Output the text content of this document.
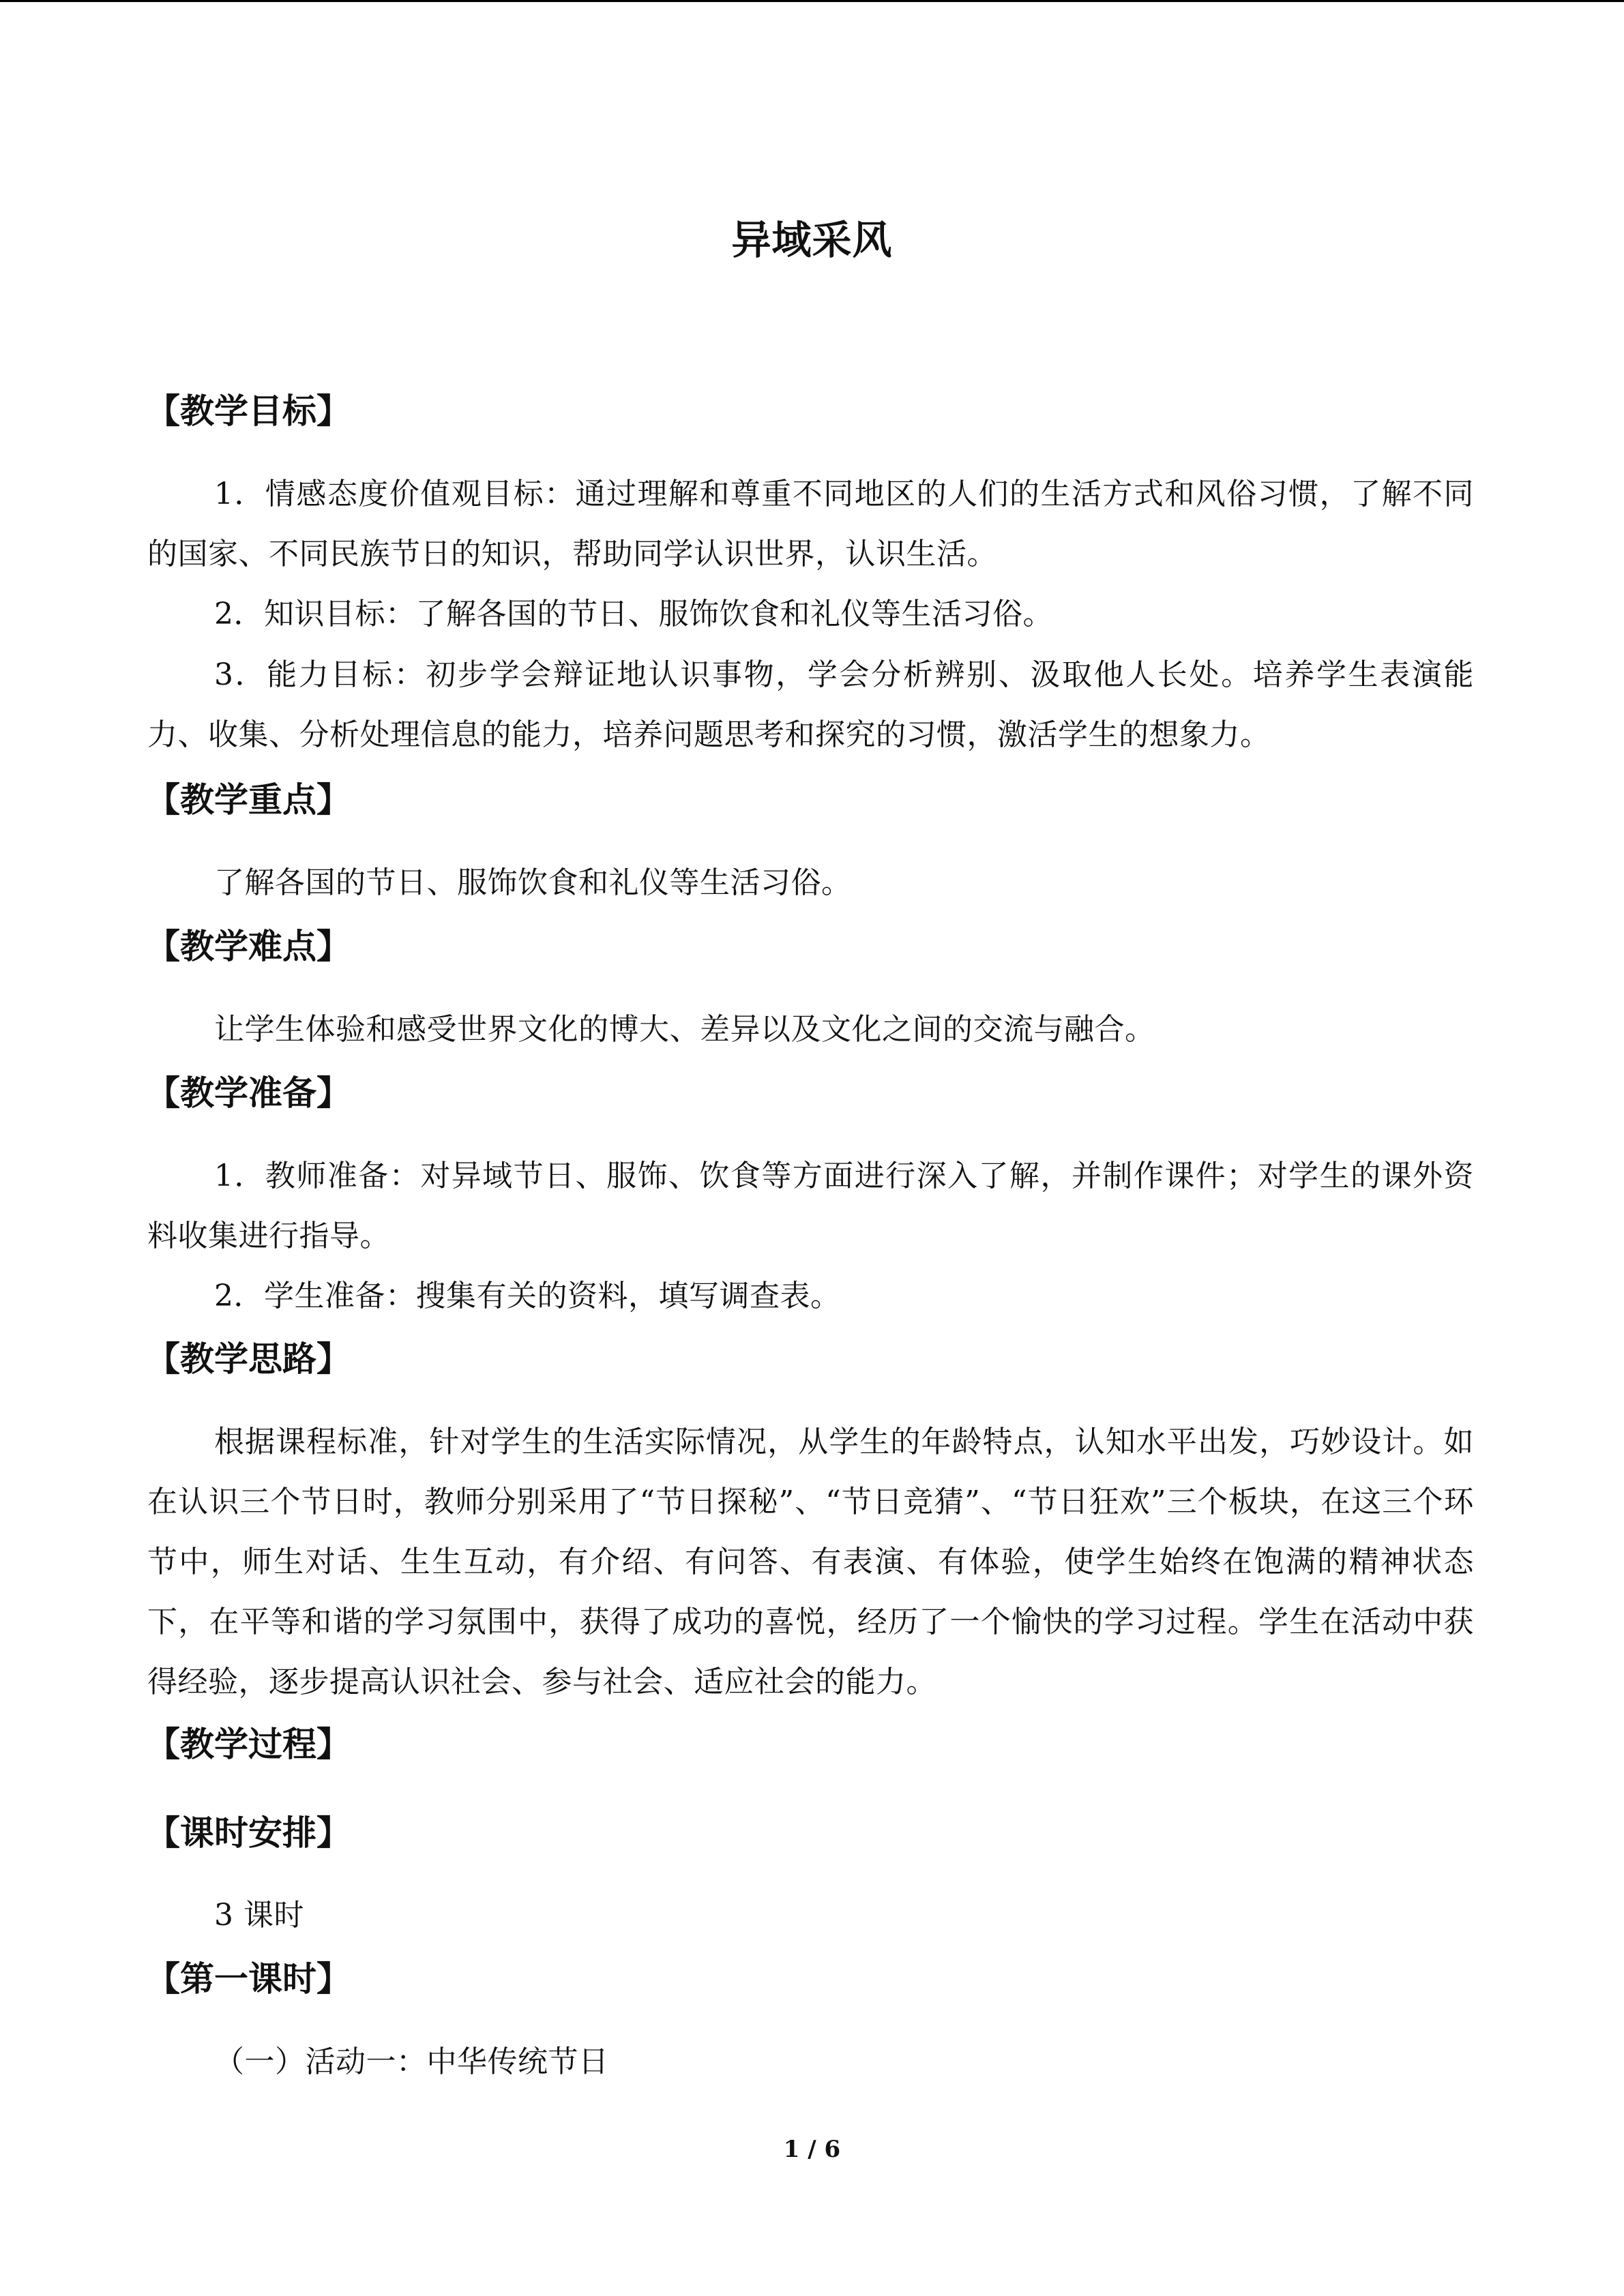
异域采风
【教学目标】
1．情感态度价值观目标：通过理解和尊重不同地区的人们的生活方式和风俗习惯，了解不同的国家、不同民族节日的知识，帮助同学认识世界，认识生活。
2．知识目标：了解各国的节日、服饰饮食和礼仪等生活习俗。
3．能力目标：初步学会辩证地认识事物，学会分析辨别、汲取他人长处。培养学生表演能力、收集、分析处理信息的能力，培养问题思考和探究的习惯，激活学生的想象力。
【教学重点】
了解各国的节日、服饰饮食和礼仪等生活习俗。
【教学难点】
让学生体验和感受世界文化的博大、差异以及文化之间的交流与融合。
【教学准备】
1．教师准备：对异域节日、服饰、饮食等方面进行深入了解，并制作课件；对学生的课外资料收集进行指导。
2．学生准备：搜集有关的资料，填写调查表。
【教学思路】
根据课程标准，针对学生的生活实际情况，从学生的年龄特点，认知水平出发，巧妙设计。如在认识三个节日时，教师分别采用了“节日探秘”、“节日竞猜”、“节日狂欢”三个板块，在这三个环节中，师生对话、生生互动，有介绍、有问答、有表演、有体验，使学生始终在饱满的精神状态下，在平等和谐的学习氛围中，获得了成功的喜悦，经历了一个愉快的学习过程。学生在活动中获得经验，逐步提高认识社会、参与社会、适应社会的能力。
【教学过程】
【课时安排】
3 课时
【第一课时】
（一）活动一：中华传统节日
1 / 6
